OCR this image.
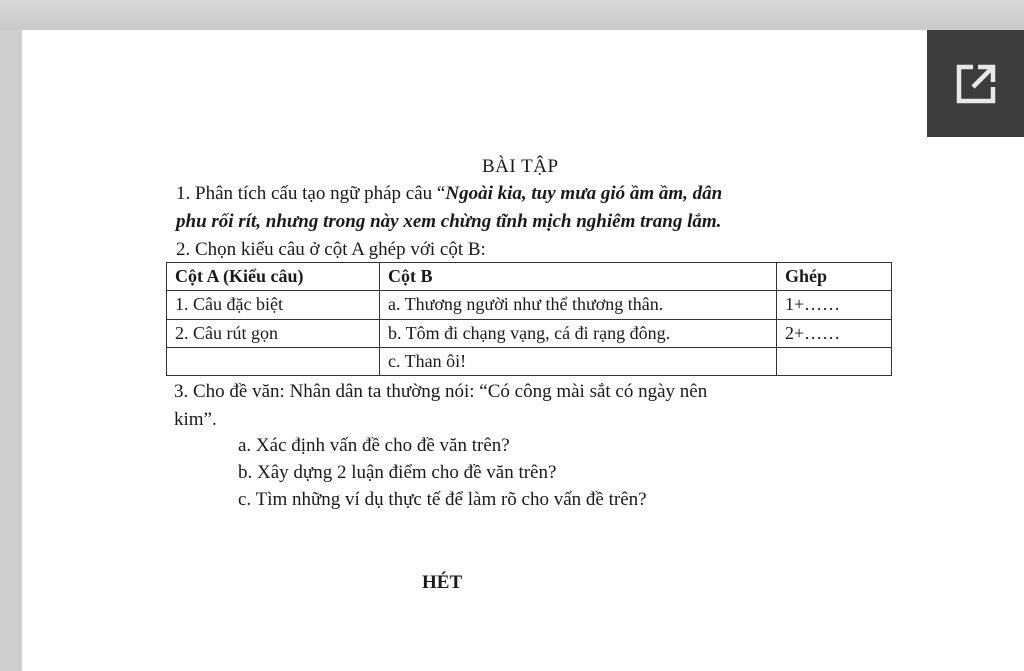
BÀI TẬP
1. Phân tích cấu tạo ngữ pháp câu “Ngoài kia, tuy mưa gió ầm ầm, dân
phu rối rít, nhưng trong này xem chừng tĩnh mịch nghiêm trang lắm.
2. Chọn kiểu câu ở cột A ghép với cột B:
Cột A (Kiểu câu)	Cột B	Ghép
1. Câu đặc biệt	a. Thương người như thể thương thân.	1+……
2. Câu rút gọn	b. Tôm đi chạng vạng, cá đi rạng đông.	2+……
	c. Than ôi!	
3. Cho đề văn: Nhân dân ta thường nói: “Có công mài sắt có ngày nên
kim”.
a. Xác định vấn đề cho đề văn trên?
b. Xây dựng 2 luận điểm cho đề văn trên?
c. Tìm những ví dụ thực tế để làm rõ cho vấn đề trên?
HÉT
